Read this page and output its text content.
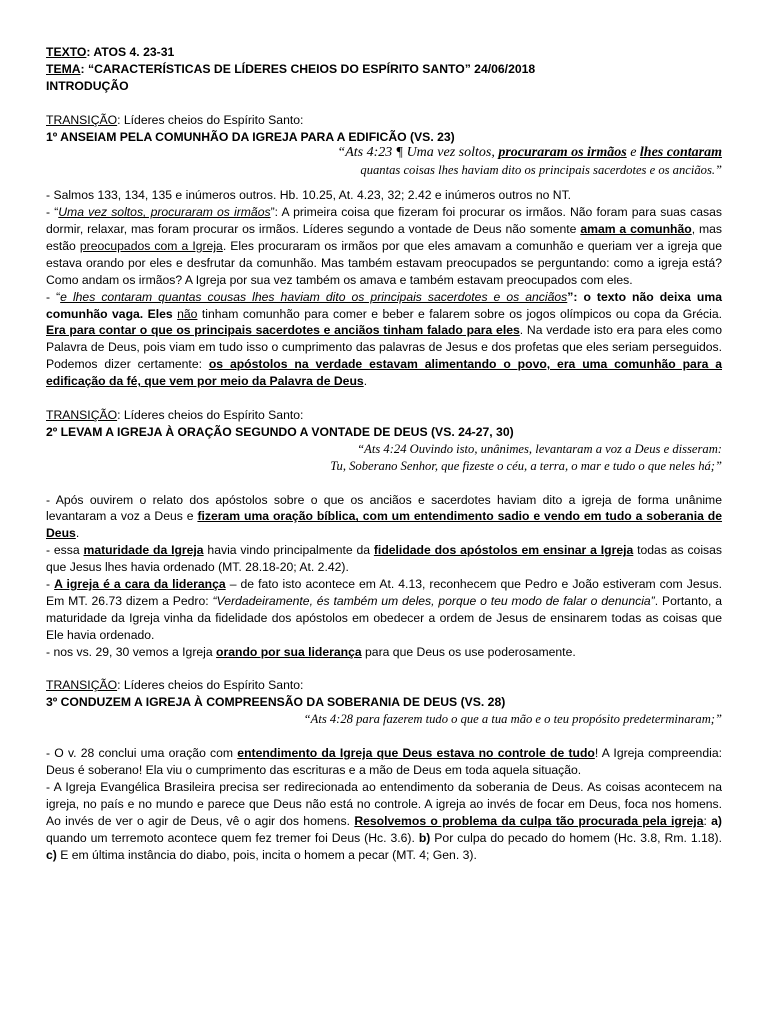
TEXTO: ATOS 4. 23-31
TEMA: “CARACTERÍSTICAS DE LÍDERES CHEIOS DO ESPÍRITO SANTO” 24/06/2018
INTRODUÇÃO
TRANSIÇÃO: Líderes cheios do Espírito Santo:
1º ANSEIAM PELA COMUNHÃO DA IGREJA PARA A EDIFICÃO (VS. 23)
“Ats 4:23 ¶ Uma vez soltos, procuraram os irmãos e lhes contaram
quantas coisas lhes haviam dito os principais sacerdotes e os anciãos.”

- Salmos 133, 134, 135 e inúmeros outros. Hb. 10.25, At. 4.23, 32; 2.42 e inúmeros outros no NT.

- “Uma vez soltos, procuraram os irmãos”: A primeira coisa que fizeram foi procurar os irmãos. Não foram para suas casas dormir, relaxar, mas foram procurar os irmãos. Líderes segundo a vontade de Deus não somente amam a comunhão, mas estão preocupados com a Igreja. Eles procuraram os irmãos por que eles amavam a comunhão e queriam ver a igreja que estava orando por eles e desfrutar da comunhão. Mas também estavam preocupados se perguntando: como a igreja está? Como andam os irmãos? A Igreja por sua vez também os amava e também estavam preocupados com eles.

- “e lhes contaram quantas cousas lhes haviam dito os principais sacerdotes e os anciãos”: o texto não deixa uma comunhão vaga. Eles não tinham comunhão para comer e beber e falarem sobre os jogos olímpicos ou copa da Grécia. Era para contar o que os principais sacerdotes e anciãos tinham falado para eles. Na verdade isto era para eles como Palavra de Deus, pois viam em tudo isso o cumprimento das palavras de Jesus e dos profetas que eles seriam perseguidos. Podemos dizer certamente: os apóstolos na verdade estavam alimentando o povo, era uma comunhão para a edificação da fé, que vem por meio da Palavra de Deus.

TRANSIÇÃO: Líderes cheios do Espírito Santo:
2º LEVAM A IGREJA À ORAÇÃO SEGUNDO A VONTADE DE DEUS (VS. 24-27, 30)
“Ats 4:24 Ouvindo isto, unânimes, levantaram a voz a Deus e disseram:
Tu, Soberano Senhor, que fizeste o céu, a terra, o mar e tudo o que neles há;”

- Após ouvirem o relato dos apóstolos sobre o que os anciãos e sacerdotes haviam dito a igreja de forma unânime levantaram a voz a Deus e fizeram uma oração bíblica, com um entendimento sadio e vendo em tudo a soberania de Deus.

- essa maturidade da Igreja havia vindo principalmente da fidelidade dos apóstolos em ensinar a Igreja todas as coisas que Jesus lhes havia ordenado (MT. 28.18-20; At. 2.42).

- A igreja é a cara da liderança – de fato isto acontece em At. 4.13, reconhecem que Pedro e João estiveram com Jesus. Em MT. 26.73 dizem a Pedro: “Verdadeiramente, és também um deles, porque o teu modo de falar o denuncia”. Portanto, a maturidade da Igreja vinha da fidelidade dos apóstolos em obedecer a ordem de Jesus de ensinarem todas as coisas que Ele havia ordenado.

- nos vs. 29, 30 vemos a Igreja orando por sua liderança para que Deus os use poderosamente.

TRANSIÇÃO: Líderes cheios do Espírito Santo:
3º CONDUZEM A IGREJA À COMPREENSÃO DA SOBERANIA DE DEUS (VS. 28)
“Ats 4:28 para fazerem tudo o que a tua mão e o teu propósito predeterminaram;”

- O v. 28 conclui uma oração com entendimento da Igreja que Deus estava no controle de tudo! A Igreja compreendia: Deus é soberano! Ela viu o cumprimento das escrituras e a mão de Deus em toda aquela situação.

- A Igreja Evangélica Brasileira precisa ser redirecionada ao entendimento da soberania de Deus. As coisas acontecem na igreja, no país e no mundo e parece que Deus não está no controle. A igreja ao invés de focar em Deus, foca nos homens. Ao invés de ver o agir de Deus, vê o agir dos homens. Resolvemos o problema da culpa tão procurada pela igreja: a) quando um terremoto acontece quem fez tremer foi Deus (Hc. 3.6). b) Por culpa do pecado do homem (Hc. 3.8, Rm. 1.18). c) E em última instância do diabo, pois, incita o homem a pecar (MT. 4; Gen. 3).
